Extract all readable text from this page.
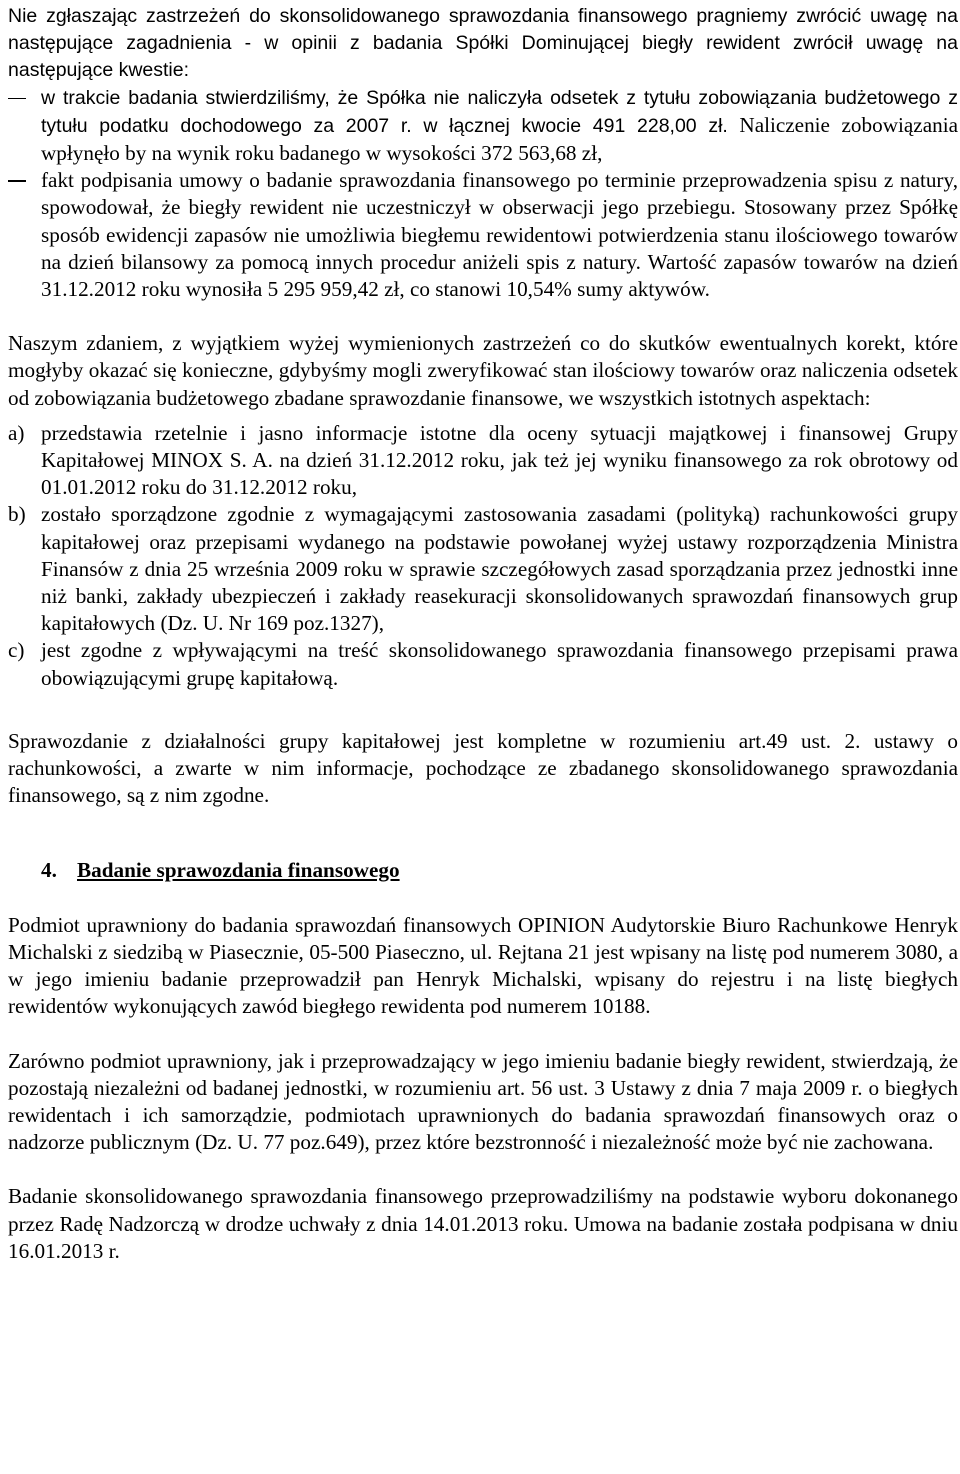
Nie zgłaszając zastrzeżeń do skonsolidowanego sprawozdania finansowego pragniemy zwrócić uwagę na następujące zagadnienia - w opinii z badania Spółki Dominującej biegły rewident zwrócił uwagę na następujące kwestie:

w trakcie badania stwierdziliśmy, że Spółka nie naliczyła odsetek z tytułu zobowiązania budżetowego z tytułu podatku dochodowego za 2007 r. w łącznej kwocie 491 228,00 zł. Naliczenie zobowiązania wpłynęło by na wynik roku badanego w wysokości 372 563,68 zł,
fakt podpisania umowy o badanie sprawozdania finansowego po terminie przeprowadzenia spisu z natury, spowodował, że biegły rewident nie uczestniczył w obserwacji jego przebiegu. Stosowany przez Spółkę sposób ewidencji zapasów nie umożliwia biegłemu rewidentowi potwierdzenia stanu ilościowego towarów na dzień bilansowy za pomocą innych procedur aniżeli spis z natury. Wartość zapasów towarów na dzień 31.12.2012 roku wynosiła 5 295 959,42 zł, co stanowi 10,54% sumy aktywów.

Naszym zdaniem, z wyjątkiem wyżej wymienionych zastrzeżeń co do skutków ewentualnych korekt, które mogłyby okazać się konieczne, gdybyśmy mogli zweryfikować stan ilościowy towarów oraz naliczenia odsetek od zobowiązania budżetowego zbadane sprawozdanie finansowe, we wszystkich istotnych aspektach:

a) przedstawia rzetelnie i jasno informacje istotne dla oceny sytuacji majątkowej i finansowej Grupy Kapitałowej MINOX S. A. na dzień 31.12.2012 roku, jak też jej wyniku finansowego za rok obrotowy od 01.01.2012 roku do 31.12.2012 roku,
b) zostało sporządzone zgodnie z wymagającymi zastosowania zasadami (polityką) rachunkowości grupy kapitałowej oraz przepisami wydanego na podstawie powołanej wyżej ustawy rozporządzenia Ministra Finansów z dnia 25 września 2009 roku w sprawie szczegółowych zasad sporządzania przez jednostki inne niż banki, zakłady ubezpieczeń i zakłady reasekuracji skonsolidowanych sprawozdań finansowych grup kapitałowych (Dz. U. Nr 169 poz.1327),
c) jest zgodne z wpływającymi na treść skonsolidowanego sprawozdania finansowego przepisami prawa obowiązującymi grupę kapitałową.

Sprawozdanie z działalności grupy kapitałowej jest kompletne w rozumieniu art.49 ust. 2. ustawy o rachunkowości, a zwarte w nim informacje, pochodzące ze zbadanego skonsolidowanego sprawozdania finansowego, są z nim zgodne.

4. Badanie sprawozdania finansowego

Podmiot uprawniony do badania sprawozdań finansowych OPINION Audytorskie Biuro Rachunkowe Henryk Michalski z siedzibą w Piasecznie, 05-500 Piaseczno, ul. Rejtana 21 jest wpisany na listę pod numerem 3080, a w jego imieniu badanie przeprowadził pan Henryk Michalski, wpisany do rejestru i na listę biegłych rewidentów wykonujących zawód biegłego rewidenta pod numerem 10188.

Zarówno podmiot uprawniony, jak i przeprowadzający w jego imieniu badanie biegły rewident, stwierdzają, że pozostają niezależni od badanej jednostki, w rozumieniu art. 56 ust. 3 Ustawy z dnia 7 maja 2009 r. o biegłych rewidentach i ich samorządzie, podmiotach uprawnionych do badania sprawozdań finansowych oraz o nadzorze publicznym (Dz. U. 77 poz.649), przez które bezstronność i niezależność może być nie zachowana.

Badanie skonsolidowanego sprawozdania finansowego przeprowadziliśmy na podstawie wyboru dokonanego przez Radę Nadzorczą w drodze uchwały z dnia 14.01.2013 roku. Umowa na badanie została podpisana w dniu 16.01.2013 r.
